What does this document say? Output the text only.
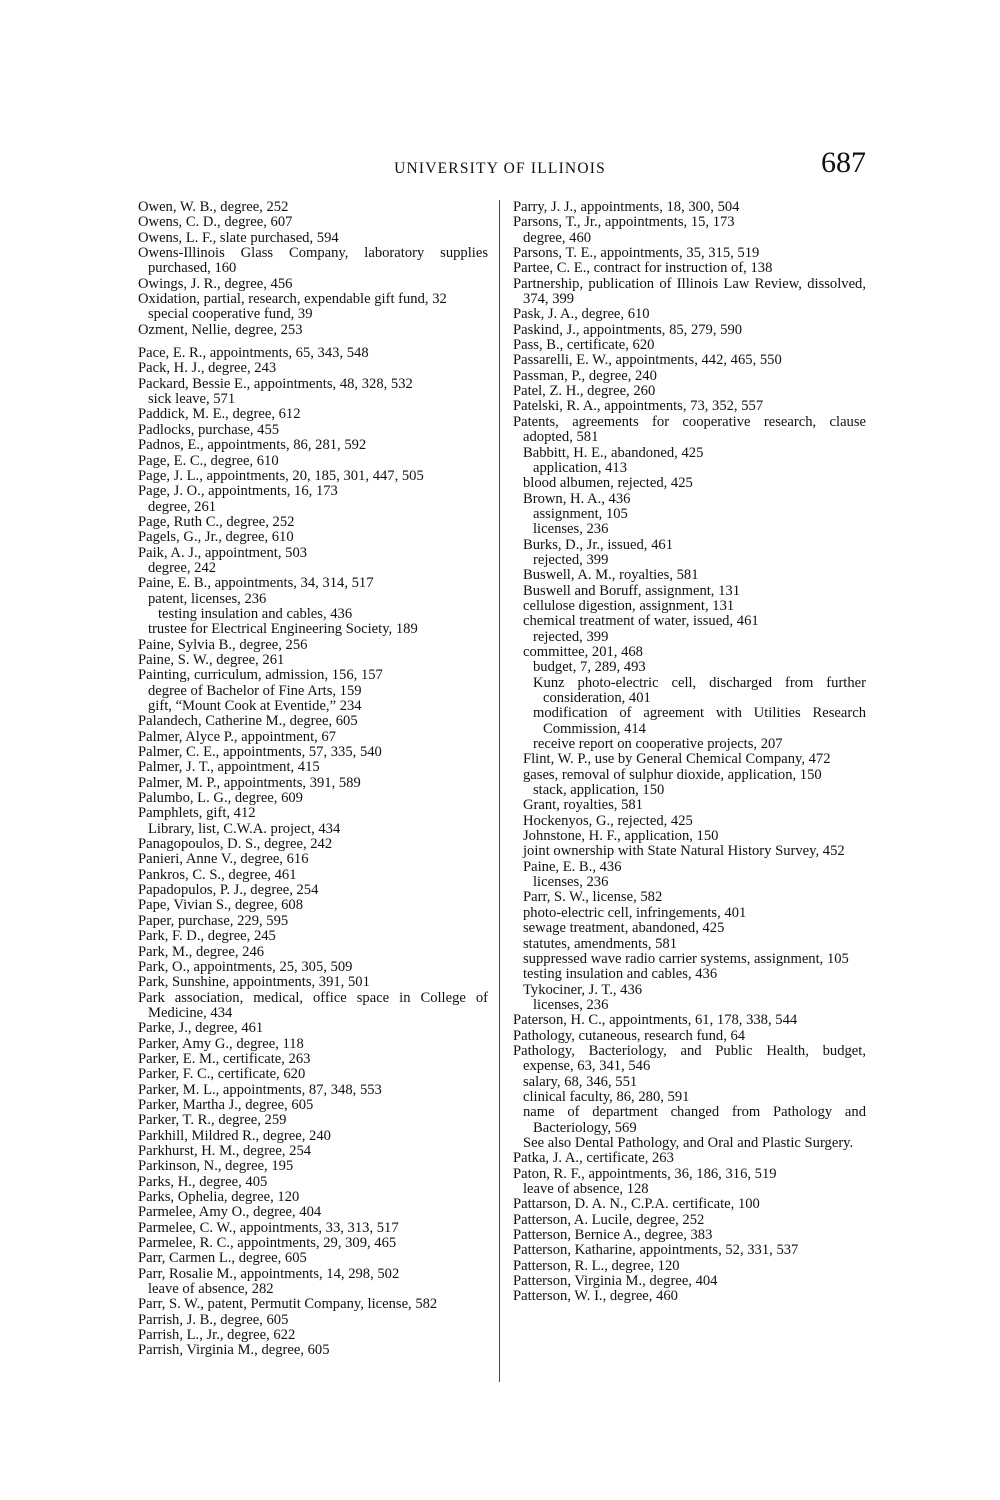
UNIVERSITY OF ILLINOIS	687
Owen, W. B., degree, 252
Owens, C. D., degree, 607
Owens, L. F., slate purchased, 594
Owens-Illinois Glass Company, laboratory supplies purchased, 160
Owings, J. R., degree, 456
Oxidation, partial, research, expendable gift fund, 32
special cooperative fund, 39
Ozment, Nellie, degree, 253
Pace, E. R., appointments, 65, 343, 548
Pack, H. J., degree, 243
Packard, Bessie E., appointments, 48, 328, 532
sick leave, 571
Paddick, M. E., degree, 612
Padlocks, purchase, 455
Padnos, E., appointments, 86, 281, 592
Page, E. C., degree, 610
Page, J. L., appointments, 20, 185, 301, 447, 505
Page, J. O., appointments, 16, 173
degree, 261
Page, Ruth C., degree, 252
Pagels, G., Jr., degree, 610
Paik, A. J., appointment, 503
degree, 242
Paine, E. B., appointments, 34, 314, 517
patent, licenses, 236
testing insulation and cables, 436
trustee for Electrical Engineering Society, 189
Paine, Sylvia B., degree, 256
Paine, S. W., degree, 261
Painting, curriculum, admission, 156, 157
degree of Bachelor of Fine Arts, 159
gift, “Mount Cook at Eventide,” 234
Palandech, Catherine M., degree, 605
Palmer, Alyce P., appointment, 67
Palmer, C. E., appointments, 57, 335, 540
Palmer, J. T., appointment, 415
Palmer, M. P., appointments, 391, 589
Palumbo, L. G., degree, 609
Pamphlets, gift, 412
Library, list, C.W.A. project, 434
Panagopoulos, D. S., degree, 242
Panieri, Anne V., degree, 616
Pankros, C. S., degree, 461
Papadopulos, P. J., degree, 254
Pape, Vivian S., degree, 608
Paper, purchase, 229, 595
Park, F. D., degree, 245
Park, M., degree, 246
Park, O., appointments, 25, 305, 509
Park, Sunshine, appointments, 391, 501
Park association, medical, office space in College of Medicine, 434
Parke, J., degree, 461
Parker, Amy G., degree, 118
Parker, E. M., certificate, 263
Parker, F. C., certificate, 620
Parker, M. L., appointments, 87, 348, 553
Parker, Martha J., degree, 605
Parker, T. R., degree, 259
Parkhill, Mildred R., degree, 240
Parkhurst, H. M., degree, 254
Parkinson, N., degree, 195
Parks, H., degree, 405
Parks, Ophelia, degree, 120
Parmelee, Amy O., degree, 404
Parmelee, C. W., appointments, 33, 313, 517
Parmelee, R. C., appointments, 29, 309, 465
Parr, Carmen L., degree, 605
Parr, Rosalie M., appointments, 14, 298, 502
leave of absence, 282
Parr, S. W., patent, Permutit Company, license, 582
Parrish, J. B., degree, 605
Parrish, L., Jr., degree, 622
Parrish, Virginia M., degree, 605
Parry, J. J., appointments, 18, 300, 504
Parsons, T., Jr., appointments, 15, 173
degree, 460
Parsons, T. E., appointments, 35, 315, 519
Partee, C. E., contract for instruction of, 138
Partnership, publication of Illinois Law Review, dissolved, 374, 399
Pask, J. A., degree, 610
Paskind, J., appointments, 85, 279, 590
Pass, B., certificate, 620
Passarelli, E. W., appointments, 442, 465, 550
Passman, P., degree, 240
Patel, Z. H., degree, 260
Patelski, R. A., appointments, 73, 352, 557
Patents, agreements for cooperative research, clause adopted, 581
Babbitt, H. E., abandoned, 425
application, 413
blood albumen, rejected, 425
Brown, H. A., 436
assignment, 105
licenses, 236
Burks, D., Jr., issued, 461
rejected, 399
Buswell, A. M., royalties, 581
Buswell and Boruff, assignment, 131
cellulose digestion, assignment, 131
chemical treatment of water, issued, 461
rejected, 399
committee, 201, 468
budget, 7, 289, 493
Kunz photo-electric cell, discharged from further consideration, 401
modification of agreement with Utilities Research Commission, 414
receive report on cooperative projects, 207
Flint, W. P., use by General Chemical Company, 472
gases, removal of sulphur dioxide, application, 150
stack, application, 150
Grant, royalties, 581
Hockenyos, G., rejected, 425
Johnstone, H. F., application, 150
joint ownership with State Natural History Survey, 452
Paine, E. B., 436
licenses, 236
Parr, S. W., license, 582
photo-electric cell, infringements, 401
sewage treatment, abandoned, 425
statutes, amendments, 581
suppressed wave radio carrier systems, assignment, 105
testing insulation and cables, 436
Tykociner, J. T., 436
licenses, 236
Paterson, H. C., appointments, 61, 178, 338, 544
Pathology, cutaneous, research fund, 64
Pathology, Bacteriology, and Public Health, budget, expense, 63, 341, 546
salary, 68, 346, 551
clinical faculty, 86, 280, 591
name of department changed from Pathology and Bacteriology, 569
See also Dental Pathology, and Oral and Plastic Surgery.
Patka, J. A., certificate, 263
Paton, R. F., appointments, 36, 186, 316, 519
leave of absence, 128
Pattarson, D. A. N., C.P.A. certificate, 100
Patterson, A. Lucile, degree, 252
Patterson, Bernice A., degree, 383
Patterson, Katharine, appointments, 52, 331, 537
Patterson, R. L., degree, 120
Patterson, Virginia M., degree, 404
Patterson, W. I., degree, 460
